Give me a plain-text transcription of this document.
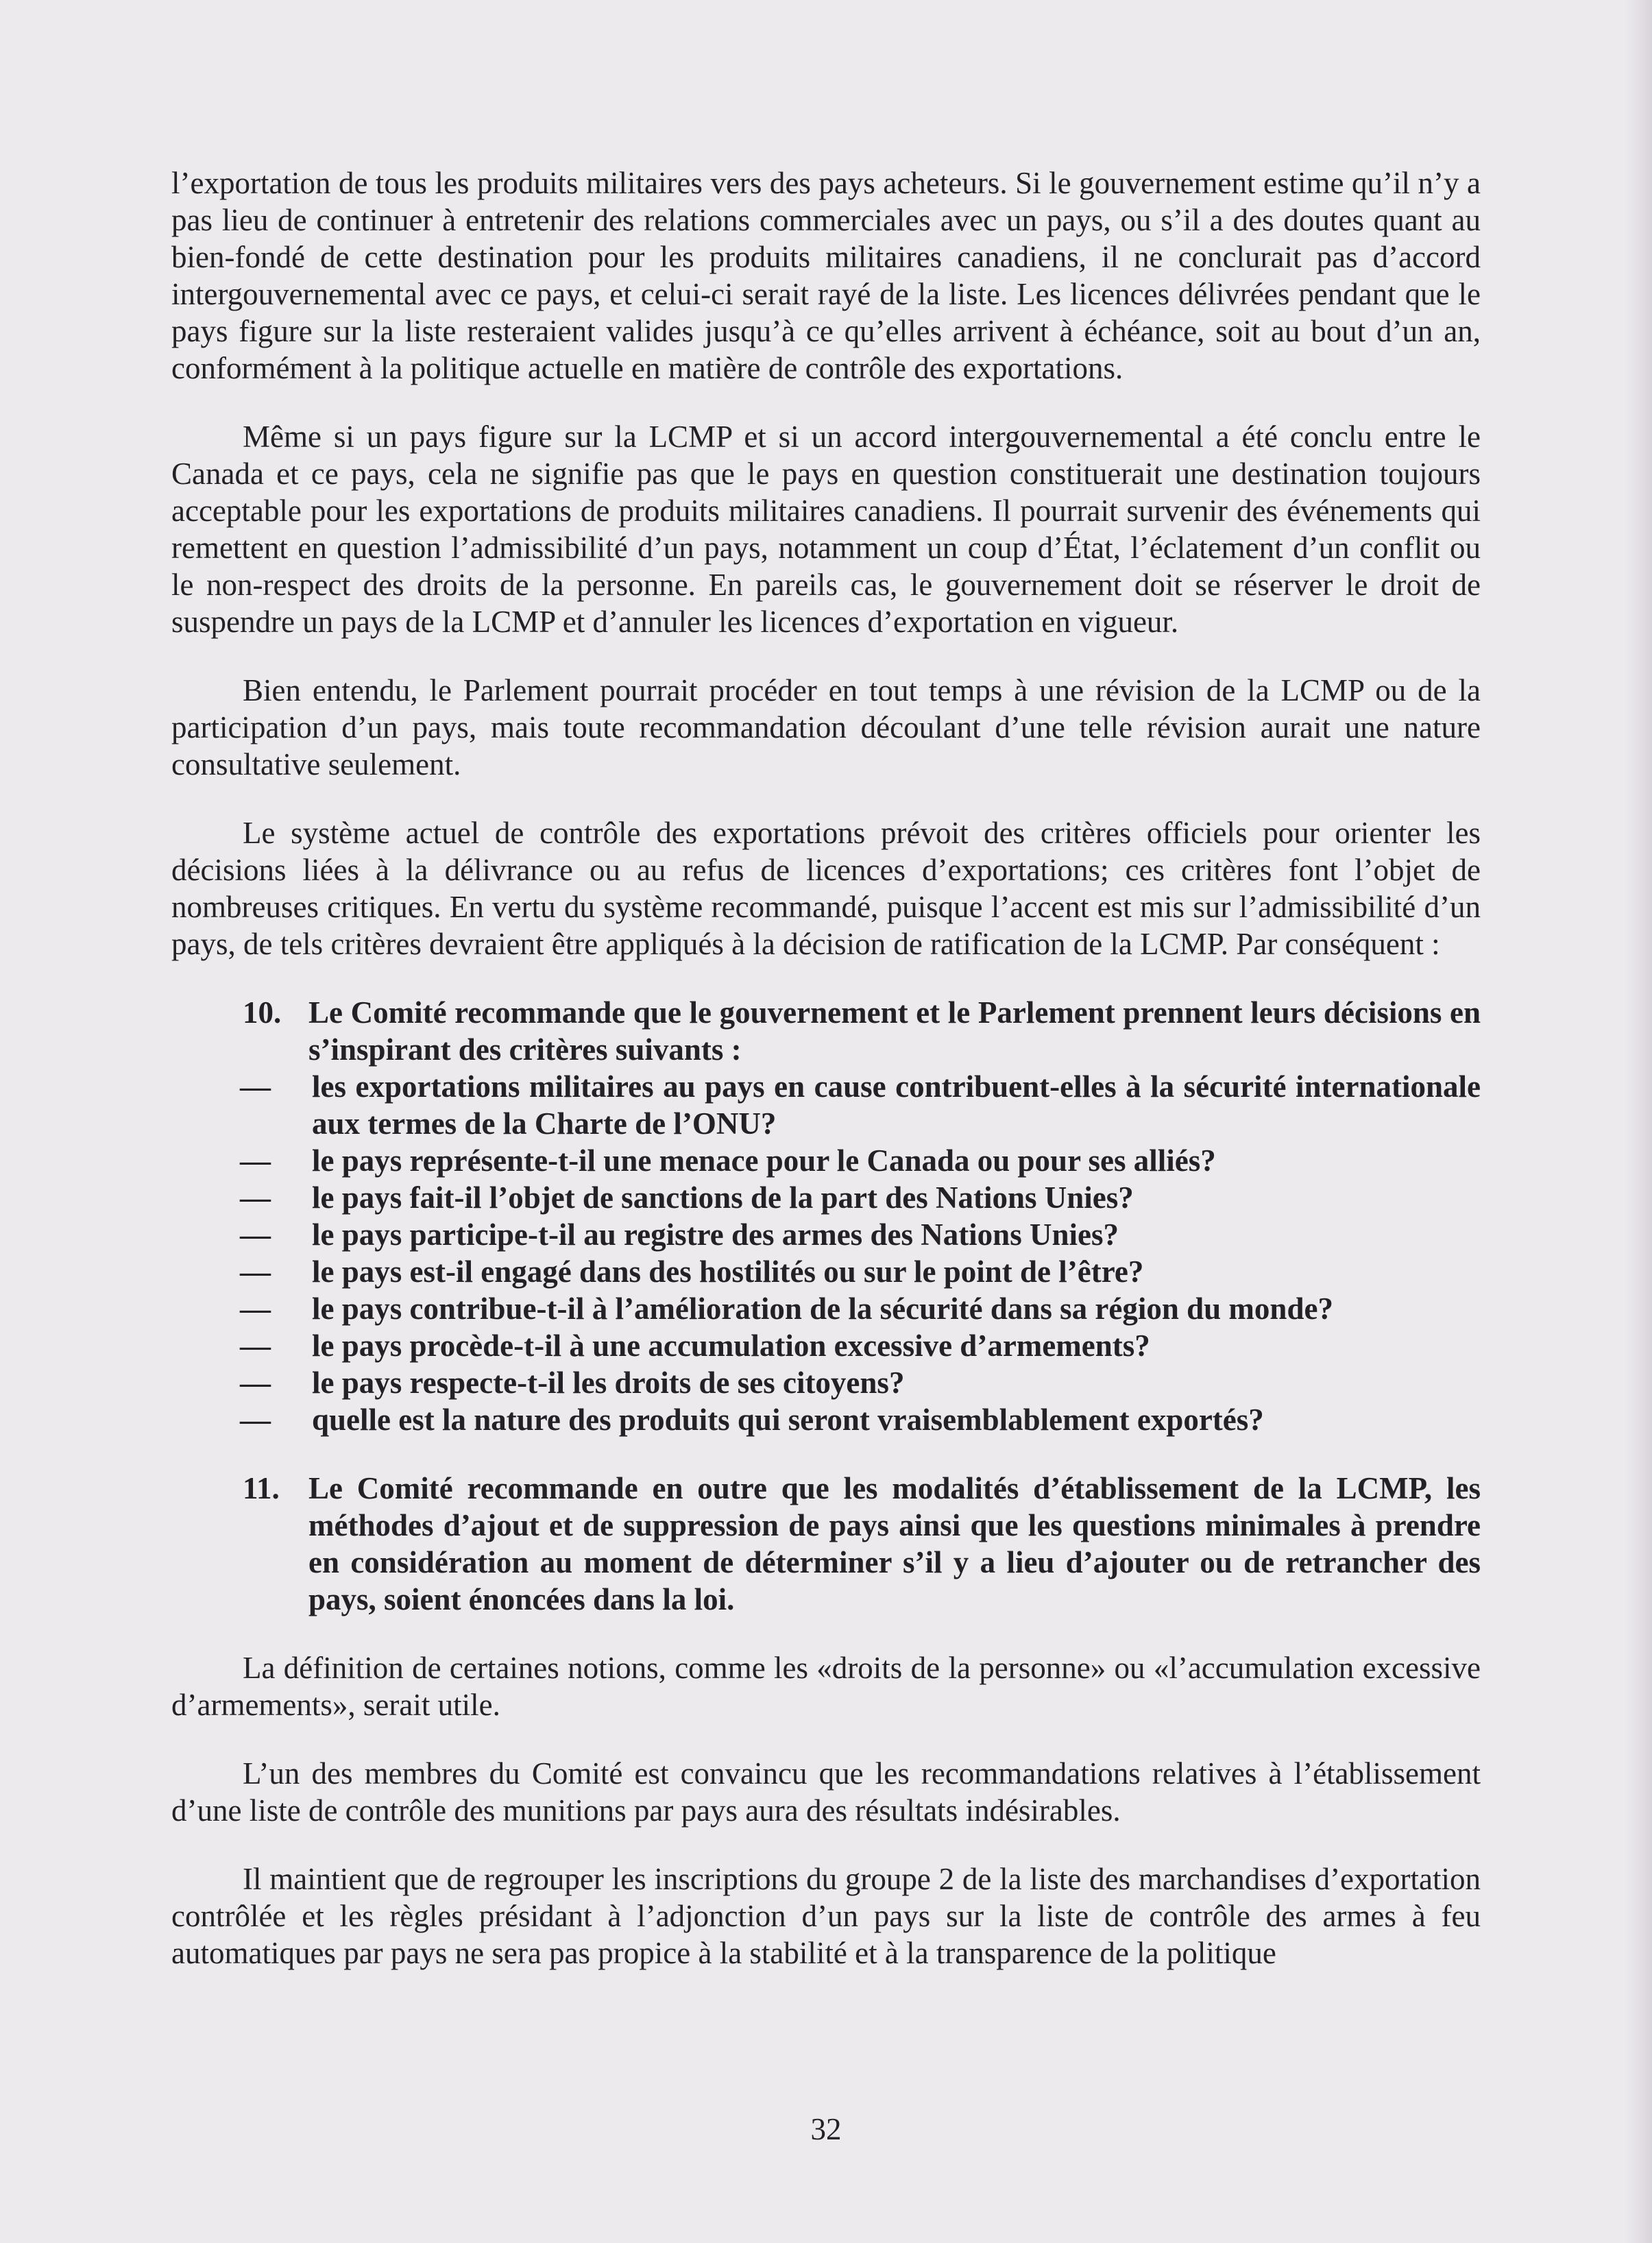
l’exportation de tous les produits militaires vers des pays acheteurs. Si le gouvernement estime qu’il n’y a pas lieu de continuer à entretenir des relations commerciales avec un pays, ou s’il a des doutes quant au bien-fondé de cette destination pour les produits militaires canadiens, il ne conclurait pas d’accord intergouvernemental avec ce pays, et celui-ci serait rayé de la liste. Les licences délivrées pendant que le pays figure sur la liste resteraient valides jusqu’à ce qu’elles arrivent à échéance, soit au bout d’un an, conformément à la politique actuelle en matière de contrôle des exportations.

Même si un pays figure sur la LCMP et si un accord intergouvernemental a été conclu entre le Canada et ce pays, cela ne signifie pas que le pays en question constituerait une destination toujours acceptable pour les exportations de produits militaires canadiens. Il pourrait survenir des événements qui remettent en question l’admissibilité d’un pays, notamment un coup d’État, l’éclatement d’un conflit ou le non-respect des droits de la personne. En pareils cas, le gouvernement doit se réserver le droit de suspendre un pays de la LCMP et d’annuler les licences d’exportation en vigueur.

Bien entendu, le Parlement pourrait procéder en tout temps à une révision de la LCMP ou de la participation d’un pays, mais toute recommandation découlant d’une telle révision aurait une nature consultative seulement.

Le système actuel de contrôle des exportations prévoit des critères officiels pour orienter les décisions liées à la délivrance ou au refus de licences d’exportations; ces critères font l’objet de nombreuses critiques. En vertu du système recommandé, puisque l’accent est mis sur l’admissibilité d’un pays, de tels critères devraient être appliqués à la décision de ratification de la LCMP. Par conséquent :

10. Le Comité recommande que le gouvernement et le Parlement prennent leurs décisions en s’inspirant des critères suivants :

— les exportations militaires au pays en cause contribuent-elles à la sécurité internationale aux termes de la Charte de l’ONU?
— le pays représente-t-il une menace pour le Canada ou pour ses alliés?
— le pays fait-il l’objet de sanctions de la part des Nations Unies?
— le pays participe-t-il au registre des armes des Nations Unies?
— le pays est-il engagé dans des hostilités ou sur le point de l’être?
— le pays contribue-t-il à l’amélioration de la sécurité dans sa région du monde?
— le pays procède-t-il à une accumulation excessive d’armements?
— le pays respecte-t-il les droits de ses citoyens?
— quelle est la nature des produits qui seront vraisemblablement exportés?
11. Le Comité recommande en outre que les modalités d’établissement de la LCMP, les méthodes d’ajout et de suppression de pays ainsi que les questions minimales à prendre en considération au moment de déterminer s’il y a lieu d’ajouter ou de retrancher des pays, soient énoncées dans la loi.

La définition de certaines notions, comme les «droits de la personne» ou «l’accumulation excessive d’armements», serait utile.

L’un des membres du Comité est convaincu que les recommandations relatives à l’établissement d’une liste de contrôle des munitions par pays aura des résultats indésirables.

Il maintient que de regrouper les inscriptions du groupe 2 de la liste des marchandises d’exportation contrôlée et les règles présidant à l’adjonction d’un pays sur la liste de contrôle des armes à feu automatiques par pays ne sera pas propice à la stabilité et à la transparence de la politique

32
